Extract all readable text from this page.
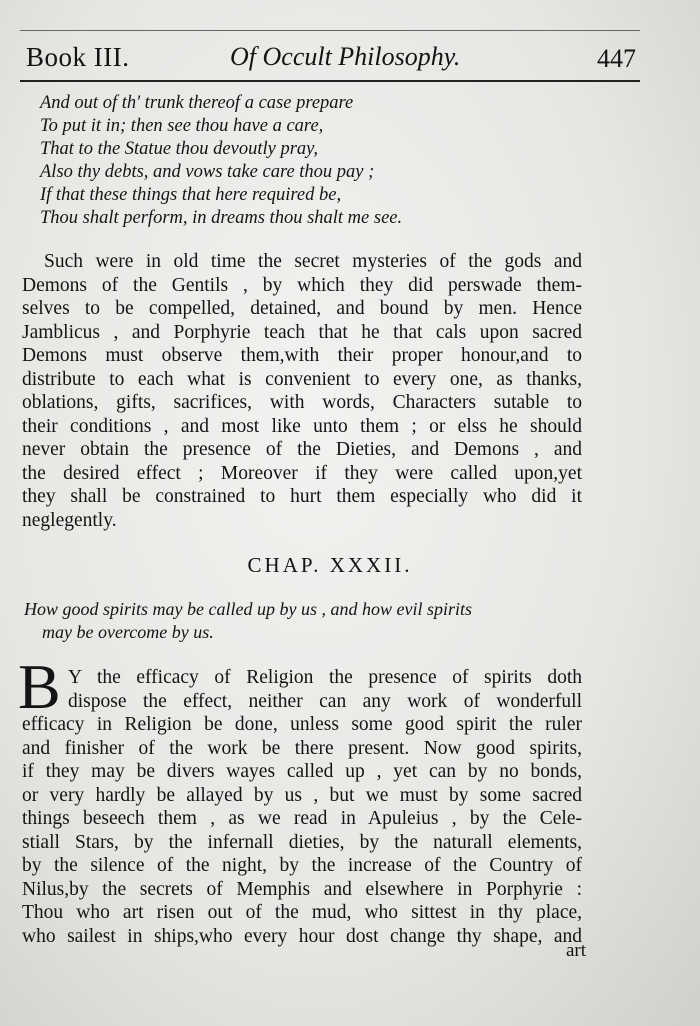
Book III.	Of Occult Philosophy.	447
And out of th' trunk thereof a case prepare
To put it in; then see thou have a care,
That to the Statue thou devoutly pray,
Also thy debts, and vows take care thou pay ;
If that these things that here required be,
Thou shalt perform, in dreams thou shalt me see.
Such were in old time the secret mysteries of the gods and
Demons of the Gentils , by which they did perswade them-
selves to be compelled, detained, and bound by men. Hence
Jamblicus , and Porphyrie teach that he that cals upon sacred
Demons must observe them,with their proper honour,and to
distribute to each what is convenient to every one, as thanks,
oblations, gifts, sacrifices, with words, Characters sutable to
their conditions , and most like unto them ; or elss he should
never obtain the presence of the Dieties, and Demons , and
the desired effect ; Moreover if they were called upon,yet
they shall be constrained to hurt them especially who did it
neglegently.
CHAP. XXXII.
How good spirits may be called up by us , and how evil spirits
may be overcome by us.
B Y the efficacy of Religion the presence of spirits doth
dispose the effect, neither can any work of wonderfull
efficacy in Religion be done, unless some good spirit the ruler
and finisher of the work be there present. Now good spirits,
if they may be divers wayes called up , yet can by no bonds,
or very hardly be allayed by us , but we must by some sacred
things beseech them , as we read in Apuleius , by the Cele-
stiall Stars, by the infernall dieties, by the naturall elements,
by the silence of the night, by the increase of the Country of
Nilus,by the secrets of Memphis and elsewhere in Porphyrie :
Thou who art risen out of the mud, who sittest in thy place,
who sailest in ships,who every hour dost change thy shape, and
art
